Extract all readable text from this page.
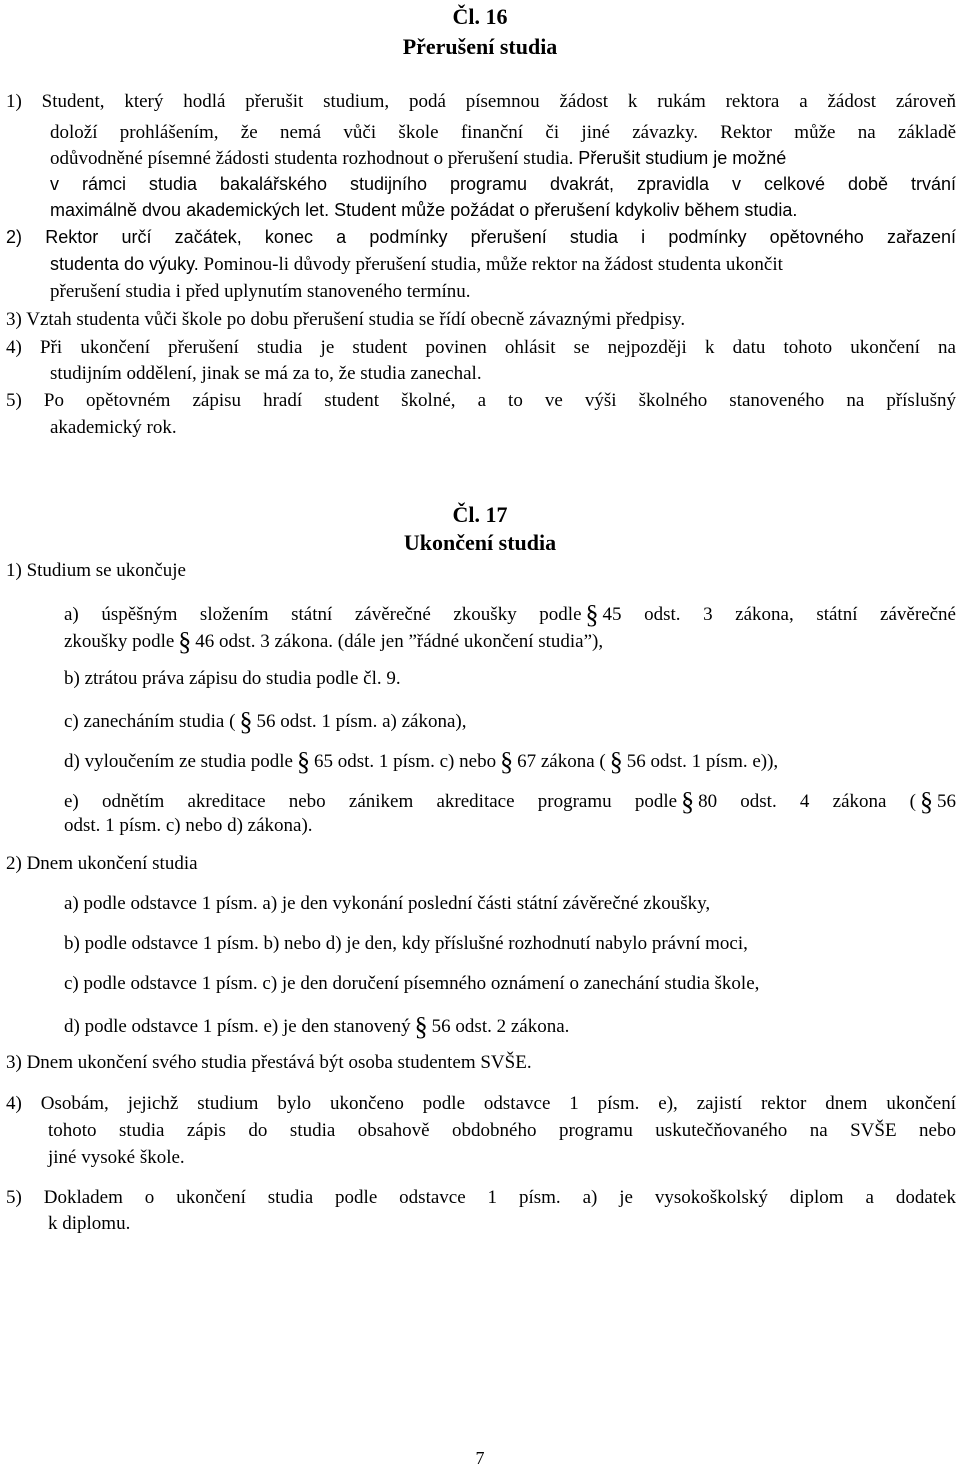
Čl. 16
Přerušení studia

1) Student, který hodlá přerušit studium, podá písemnou žádost k rukám rektora a žádost zároveň

doloží prohlášením, že nemá vůči škole finanční či jiné závazky. Rektor může na základě

odůvodněné písemné žádosti studenta rozhodnout o přerušení studia. Přerušit studium je možné

v rámci studia bakalářského studijního programu dvakrát, zpravidla v celkové době trvání

maximálně dvou akademických let. Student může požádat o přerušení kdykoliv během studia.

2) Rektor určí začátek, konec a podmínky přerušení studia i podmínky opětovného zařazení

studenta do výuky. Pominou-li důvody přerušení studia, může rektor na žádost studenta ukončit

přerušení studia i před uplynutím stanoveného termínu.

3) Vztah studenta vůči škole po dobu přerušení studia se řídí obecně závaznými předpisy.

4) Při ukončení přerušení studia je student povinen ohlásit se nejpozději k datu tohoto ukončení na

studijním oddělení, jinak se má za to, že studia zanechal.

5) Po opětovném zápisu hradí student školné, a to ve výši školného stanoveného na příslušný

akademický rok.

Čl. 17
Ukončení studia

1) Studium se ukončuje

a) úspěšným složením státní závěrečné zkoušky podle § 45 odst. 3 zákona, státní závěrečné

zkoušky podle § 46 odst. 3 zákona. (dále jen ”řádné ukončení studia”),

b) ztrátou práva zápisu do studia podle čl. 9.

c) zanecháním studia ( § 56 odst. 1 písm. a) zákona),

d) vyloučením ze studia podle § 65 odst. 1 písm. c) nebo § 67 zákona ( § 56 odst. 1 písm. e)),

e) odnětím akreditace nebo zánikem akreditace programu podle § 80 odst. 4 zákona ( § 56

odst. 1 písm. c) nebo d) zákona).

2) Dnem ukončení studia

a) podle odstavce 1 písm. a) je den vykonání poslední části státní závěrečné zkoušky,

b) podle odstavce 1 písm. b) nebo d) je den, kdy příslušné rozhodnutí nabylo právní moci,

c) podle odstavce 1 písm. c) je den doručení písemného oznámení o zanechání studia škole,

d) podle odstavce 1 písm. e) je den stanovený § 56 odst. 2 zákona.

3) Dnem ukončení svého studia přestává být osoba studentem SVŠE.

4) Osobám, jejichž studium bylo ukončeno podle odstavce 1 písm. e), zajistí rektor dnem ukončení

tohoto studia zápis do studia obsahově obdobného programu uskutečňovaného na SVŠE nebo

jiné vysoké škole.

5) Dokladem o ukončení studia podle odstavce 1 písm. a) je vysokoškolský diplom a dodatek

k diplomu.

7
